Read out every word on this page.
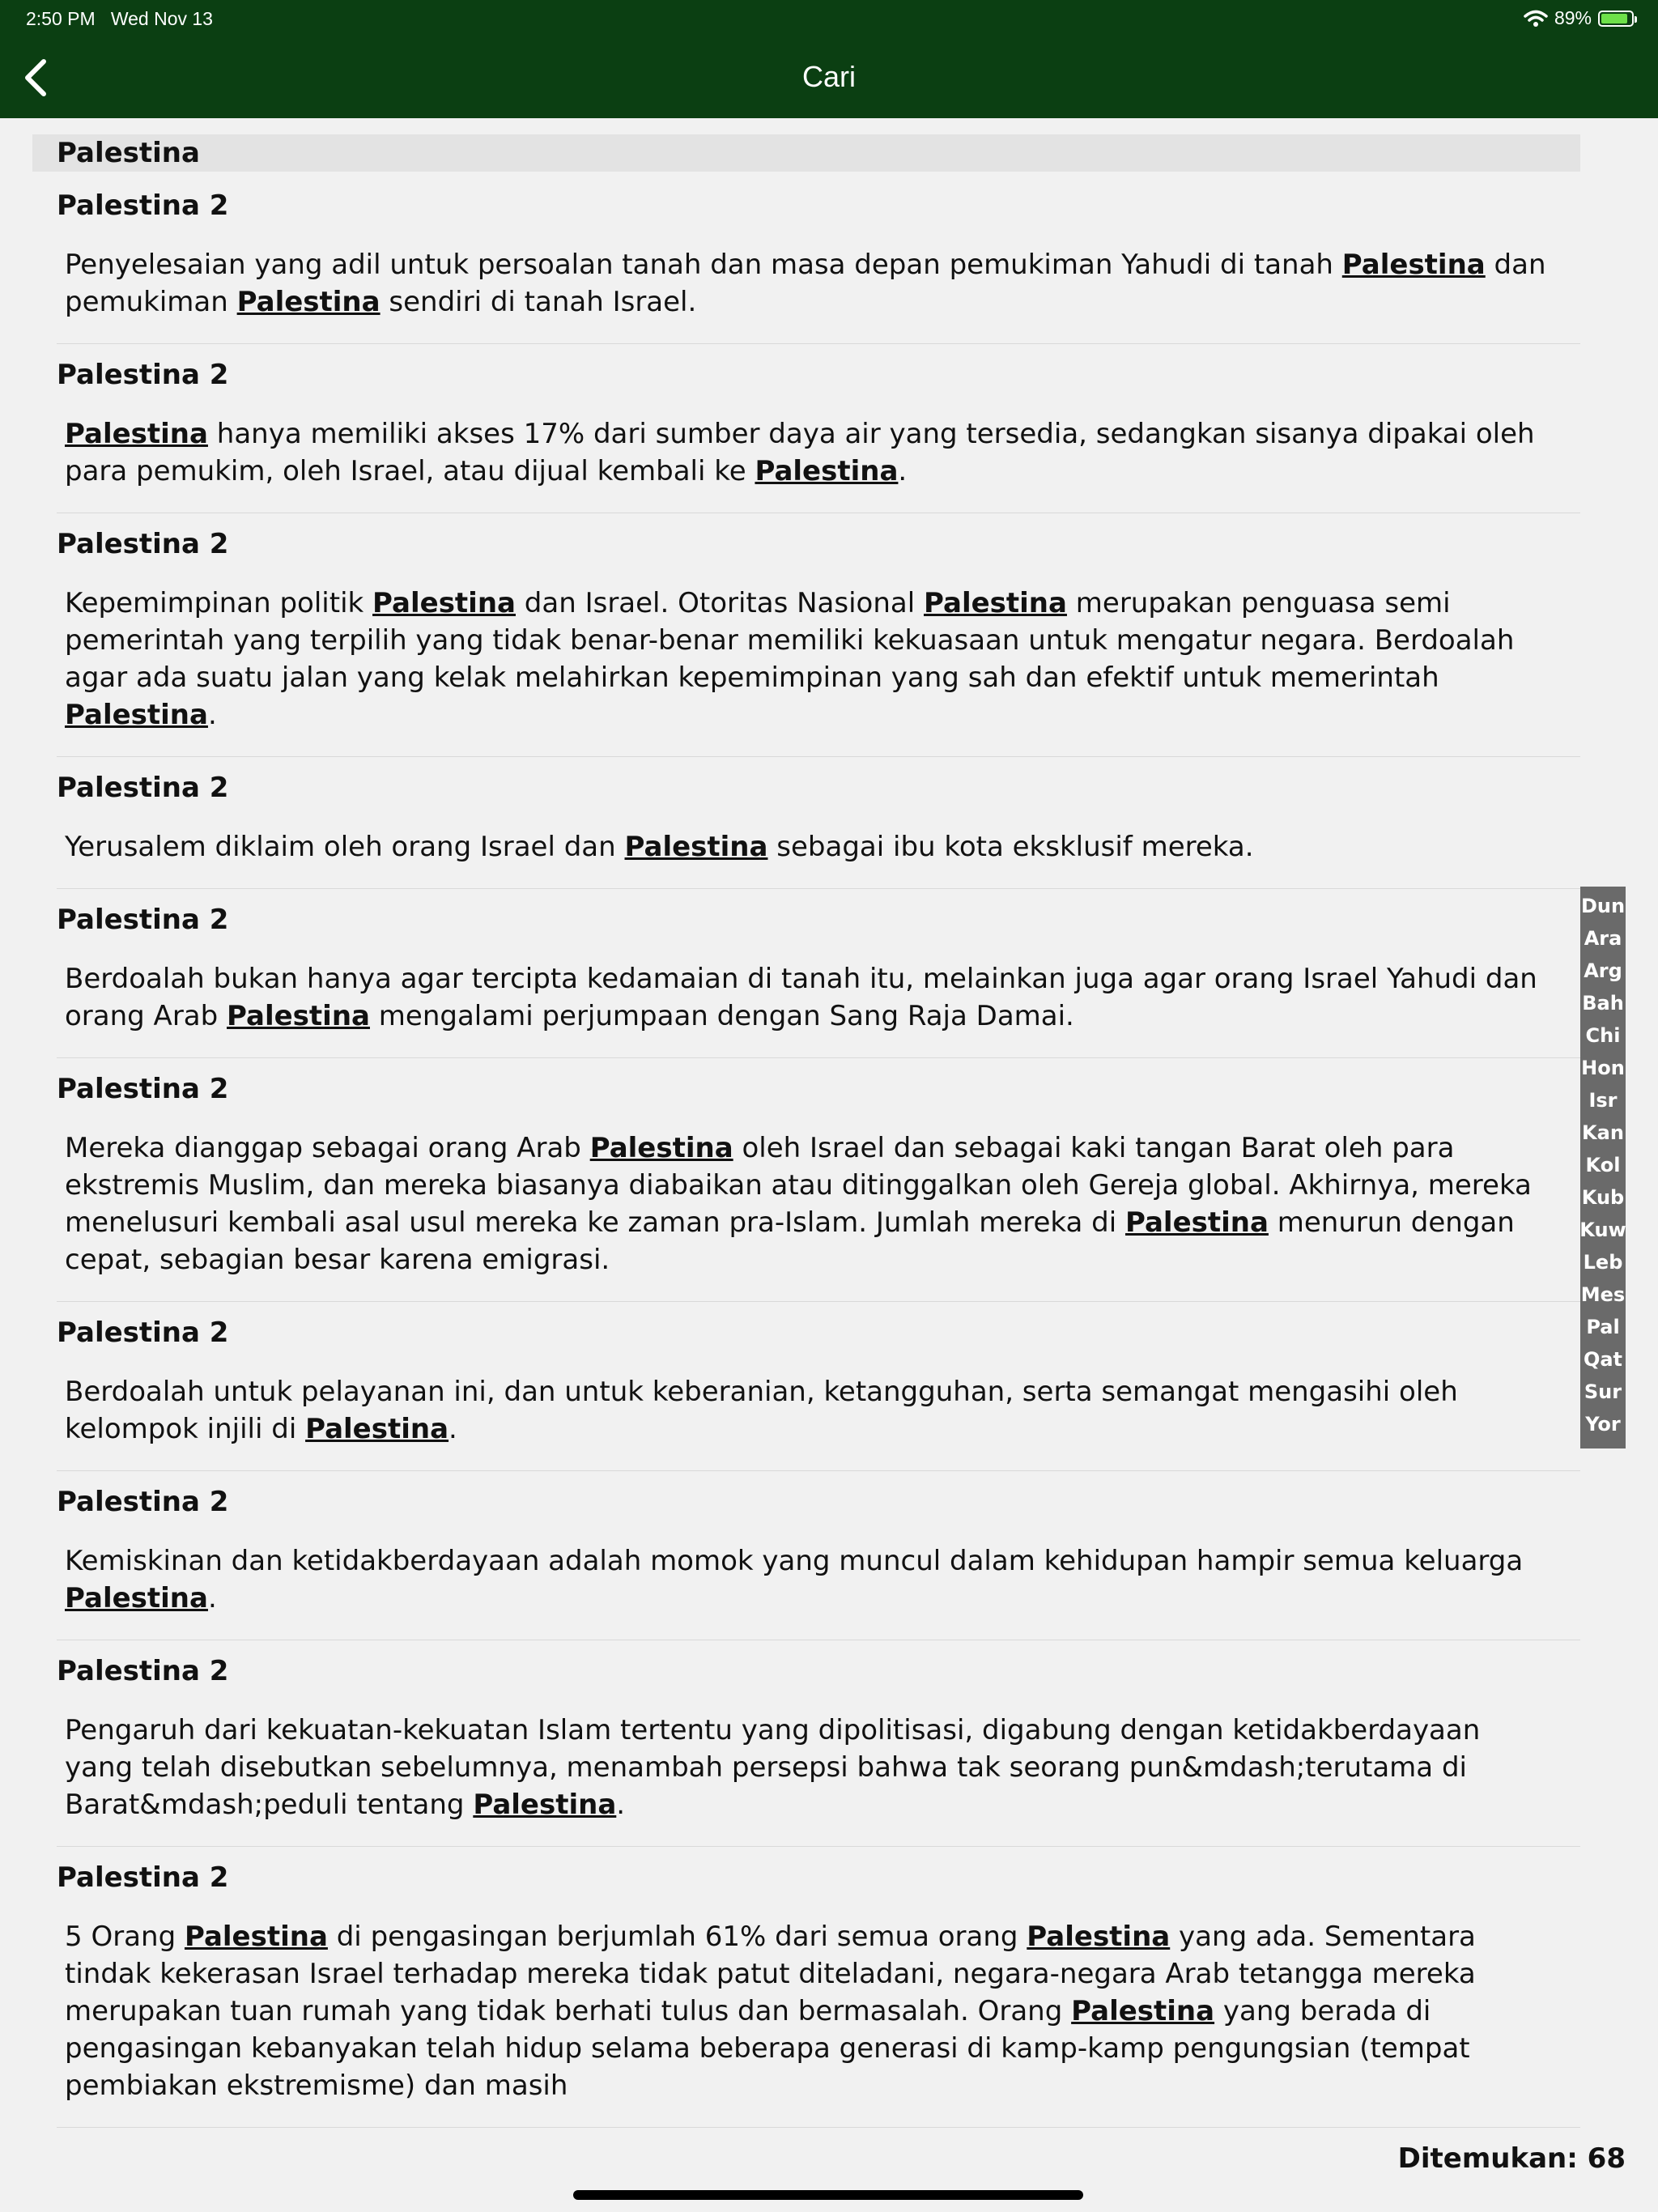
2:50 PM Wed Nov 13	89%
Cari
Palestina
Palestina 2
Penyelesaian yang adil untuk persoalan tanah dan masa depan pemukiman Yahudi di tanah Palestina dan pemukiman Palestina sendiri di tanah Israel.
Palestina 2
Palestina hanya memiliki akses 17% dari sumber daya air yang tersedia, sedangkan sisanya dipakai oleh para pemukim, oleh Israel, atau dijual kembali ke Palestina.
Palestina 2
Kepemimpinan politik Palestina dan Israel. Otoritas Nasional Palestina merupakan penguasa semi pemerintah yang terpilih yang tidak benar-benar memiliki kekuasaan untuk mengatur negara. Berdoalah agar ada suatu jalan yang kelak melahirkan kepemimpinan yang sah dan efektif untuk memerintah Palestina.
Palestina 2
Yerusalem diklaim oleh orang Israel dan Palestina sebagai ibu kota eksklusif mereka.
Palestina 2
Berdoalah bukan hanya agar tercipta kedamaian di tanah itu, melainkan juga agar orang Israel Yahudi dan orang Arab Palestina mengalami perjumpaan dengan Sang Raja Damai.
Palestina 2
Mereka dianggap sebagai orang Arab Palestina oleh Israel dan sebagai kaki tangan Barat oleh para ekstremis Muslim, dan mereka biasanya diabaikan atau ditinggalkan oleh Gereja global. Akhirnya, mereka menelusuri kembali asal usul mereka ke zaman pra-Islam. Jumlah mereka di Palestina menurun dengan cepat, sebagian besar karena emigrasi.
Palestina 2
Berdoalah untuk pelayanan ini, dan untuk keberanian, ketangguhan, serta semangat mengasihi oleh kelompok injili di Palestina.
Palestina 2
Kemiskinan dan ketidakberdayaan adalah momok yang muncul dalam kehidupan hampir semua keluarga Palestina.
Palestina 2
Pengaruh dari kekuatan-kekuatan Islam tertentu yang dipolitisasi, digabung dengan ketidakberdayaan yang telah disebutkan sebelumnya, menambah persepsi bahwa tak seorang pun&mdash;terutama di Barat&mdash;peduli tentang Palestina.
Palestina 2
5 Orang Palestina di pengasingan berjumlah 61% dari semua orang Palestina yang ada. Sementara tindak kekerasan Israel terhadap mereka tidak patut diteladani, negara-negara Arab tetangga mereka merupakan tuan rumah yang tidak berhati tulus dan bermasalah. Orang Palestina yang berada di pengasingan kebanyakan telah hidup selama beberapa generasi di kamp-kamp pengungsian (tempat pembiakan ekstremisme) dan masih
Dun
Ara
Arg
Bah
Chi
Hon
Isr
Kan
Kol
Kub
Kuw
Leb
Mes
Pal
Qat
Sur
Yor
Ditemukan: 68
